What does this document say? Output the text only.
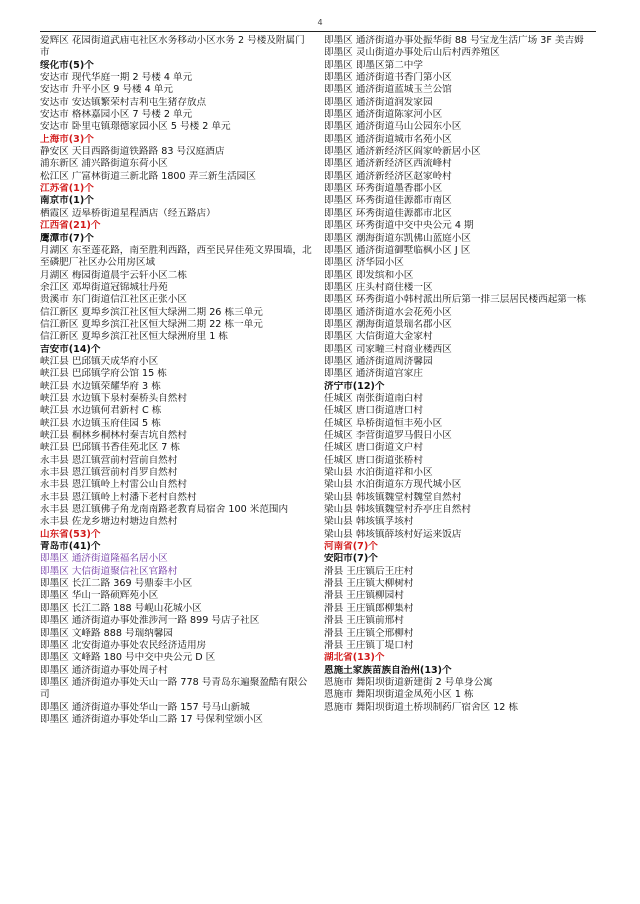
4
爱辉区 花园街道武庙屯社区水务移动小区水务 2 号楼及附属门市
绥化市(5)个
安达市 现代华庭一期 2 号楼 4 单元
安达市 升平小区 9 号楼 4 单元
安达市 安达镇繁荣村吉利屯生猪存放点
安达市 格林嘉园小区 7 号楼 2 单元
安达市 卧里屯镇璟德家园小区 5 号楼 2 单元
上海市(3)个
静安区 天目西路街道铁路路 83 号汉庭酒店
浦东新区 浦兴路街道东荷小区
松江区 广富林街道三新北路 1800 弄三新生活园区
江苏省(1)个
南京市(1)个
栖霞区 迈皋桥街道星程酒店（经五路店）
江西省(21)个
鹰潭市(7)个
月湖区 东至莲花路，南至胜利西路，西至民昇佳苑文界围墙，北至磷肥厂社区办公用房区域
月湖区 梅园街道晨宇云轩小区二栋
余江区 邓埠街道冠锦城壮丹苑
贵溪市 东门街道信江社区正张小区
信江新区 夏埠乡滨江社区恒大绿洲二期 26 栋三单元
信江新区 夏埠乡滨江社区恒大绿洲二期 22 栋一单元
信江新区 夏埠乡滨江社区恒大绿洲府里 1 栋
吉安市(14)个
峡江县 巴邱镇天成华府小区
峡江县 巴邱镇学府公馆 15 栋
峡江县 水边镇荣耀华府 3 栋
峡江县 水边镇下泉村秦桥头自然村
峡江县 水边镇何君新村 C 栋
峡江县 水边镇玉府佳园 5 栋
峡江县 桐林乡桐林村秦吉坑自然村
峡江县 巴邱镇书香佳苑北区 7 栋
永丰县 恩江镇营前村营前自然村
永丰县 恩江镇营前村肖罗自然村
永丰县 恩江镇岭上村雷公山自然村
永丰县 恩江镇岭上村潘下老村自然村
永丰县 恩江镇佛子角龙南南路老教育局宿舍 100 米范围内
永丰县 佐龙乡塘边村塘边自然村
山东省(53)个
青岛市(41)个
即墨区 通济街道隆福名居小区
即墨区 大信街道聚信社区官路村
即墨区 长江二路 369 号鼎泰丰小区
即墨区 华山一路硕辉苑小区
即墨区 长江二路 188 号岘山花城小区
即墨区 通济街道办事处淮涉河一路 899 号店子社区
即墨区 文峰路 888 号瑞纳馨园
即墨区 北安街道办事处农民经济适用房
即墨区 文峰路 180 号中交中央公元 D 区
即墨区 通济街道办事处周子村
即墨区 通济街道办事处天山一路 778 号青岛东遍聚盈酷有限公司
即墨区 通济街道办事处华山一路 157 号马山新城
即墨区 通济街道办事处华山二路 17 号保利堂颂小区
即墨区 通济街道办事处振华街 88 号宝龙生活广场 3F 美吉姆
即墨区 灵山街道办事处后山后村西养殖区
即墨区 即墨区第二中学
即墨区 通济街道书香门第小区
即墨区 通济街道蓝城玉兰公馆
即墨区 通济街道润发家园
即墨区 通济街道陈家河小区
即墨区 通济街道马山公园东小区
即墨区 通济街道城市名苑小区
即墨区 通济新经济区阎家岭新居小区
即墨区 通济新经济区西流峰村
即墨区 通济新经济区赵家岭村
即墨区 环秀街道墨香郡小区
即墨区 环秀街道佳源都市南区
即墨区 环秀街道佳源都市北区
即墨区 环秀街道中交中央公元 4 期
即墨区 潮海街道东凯佛山蓝庭小区
即墨区 通济街道御墅临枫小区 J 区
即墨区 济华园小区
即墨区 即发缤和小区
即墨区 庄头村商住楼一区
即墨区 环秀街道小韩村派出所后第一排三层居民楼西起第一栋
即墨区 通济街道水会花苑小区
即墨区 潮海街道景瑞名郡小区
即墨区 大信街道大金家村
即墨区 司家疃三村商业楼西区
即墨区 通济街道周济馨园
即墨区 通济街道宫家庄
济宁市(12)个
任城区 南张街道南白村
任城区 唐口街道唐口村
任城区 阜桥街道恒丰苑小区
任城区 李营街道罗马假日小区
任城区 唐口街道文户村
任城区 唐口街道张桥村
梁山县 水泊街道祥和小区
梁山县 水泊街道东方现代城小区
梁山县 韩垓镇魏堂村魏堂自然村
梁山县 韩垓镇魏堂村乔亭庄自然村
梁山县 韩垓镇孚垓村
梁山县 韩垓镇薛垓村好运来饭店
河南省(7)个
安阳市(7)个
滑县 王庄镇后王庄村
滑县 王庄镇大柳树村
滑县 王庄镇柳园村
滑县 王庄镇郎柳集村
滑县 王庄镇前邢村
滑县 王庄镇仝邢柳村
滑县 王庄镇丁堤口村
湖北省(13)个
恩施土家族苗族自治州(13)个
恩施市 舞阳坝街道新建街 2 号单身公寓
恩施市 舞阳坝街道金凤苑小区 1 栋
恩施市 舞阳坝街道土桥坝制药厂宿舍区 12 栋
